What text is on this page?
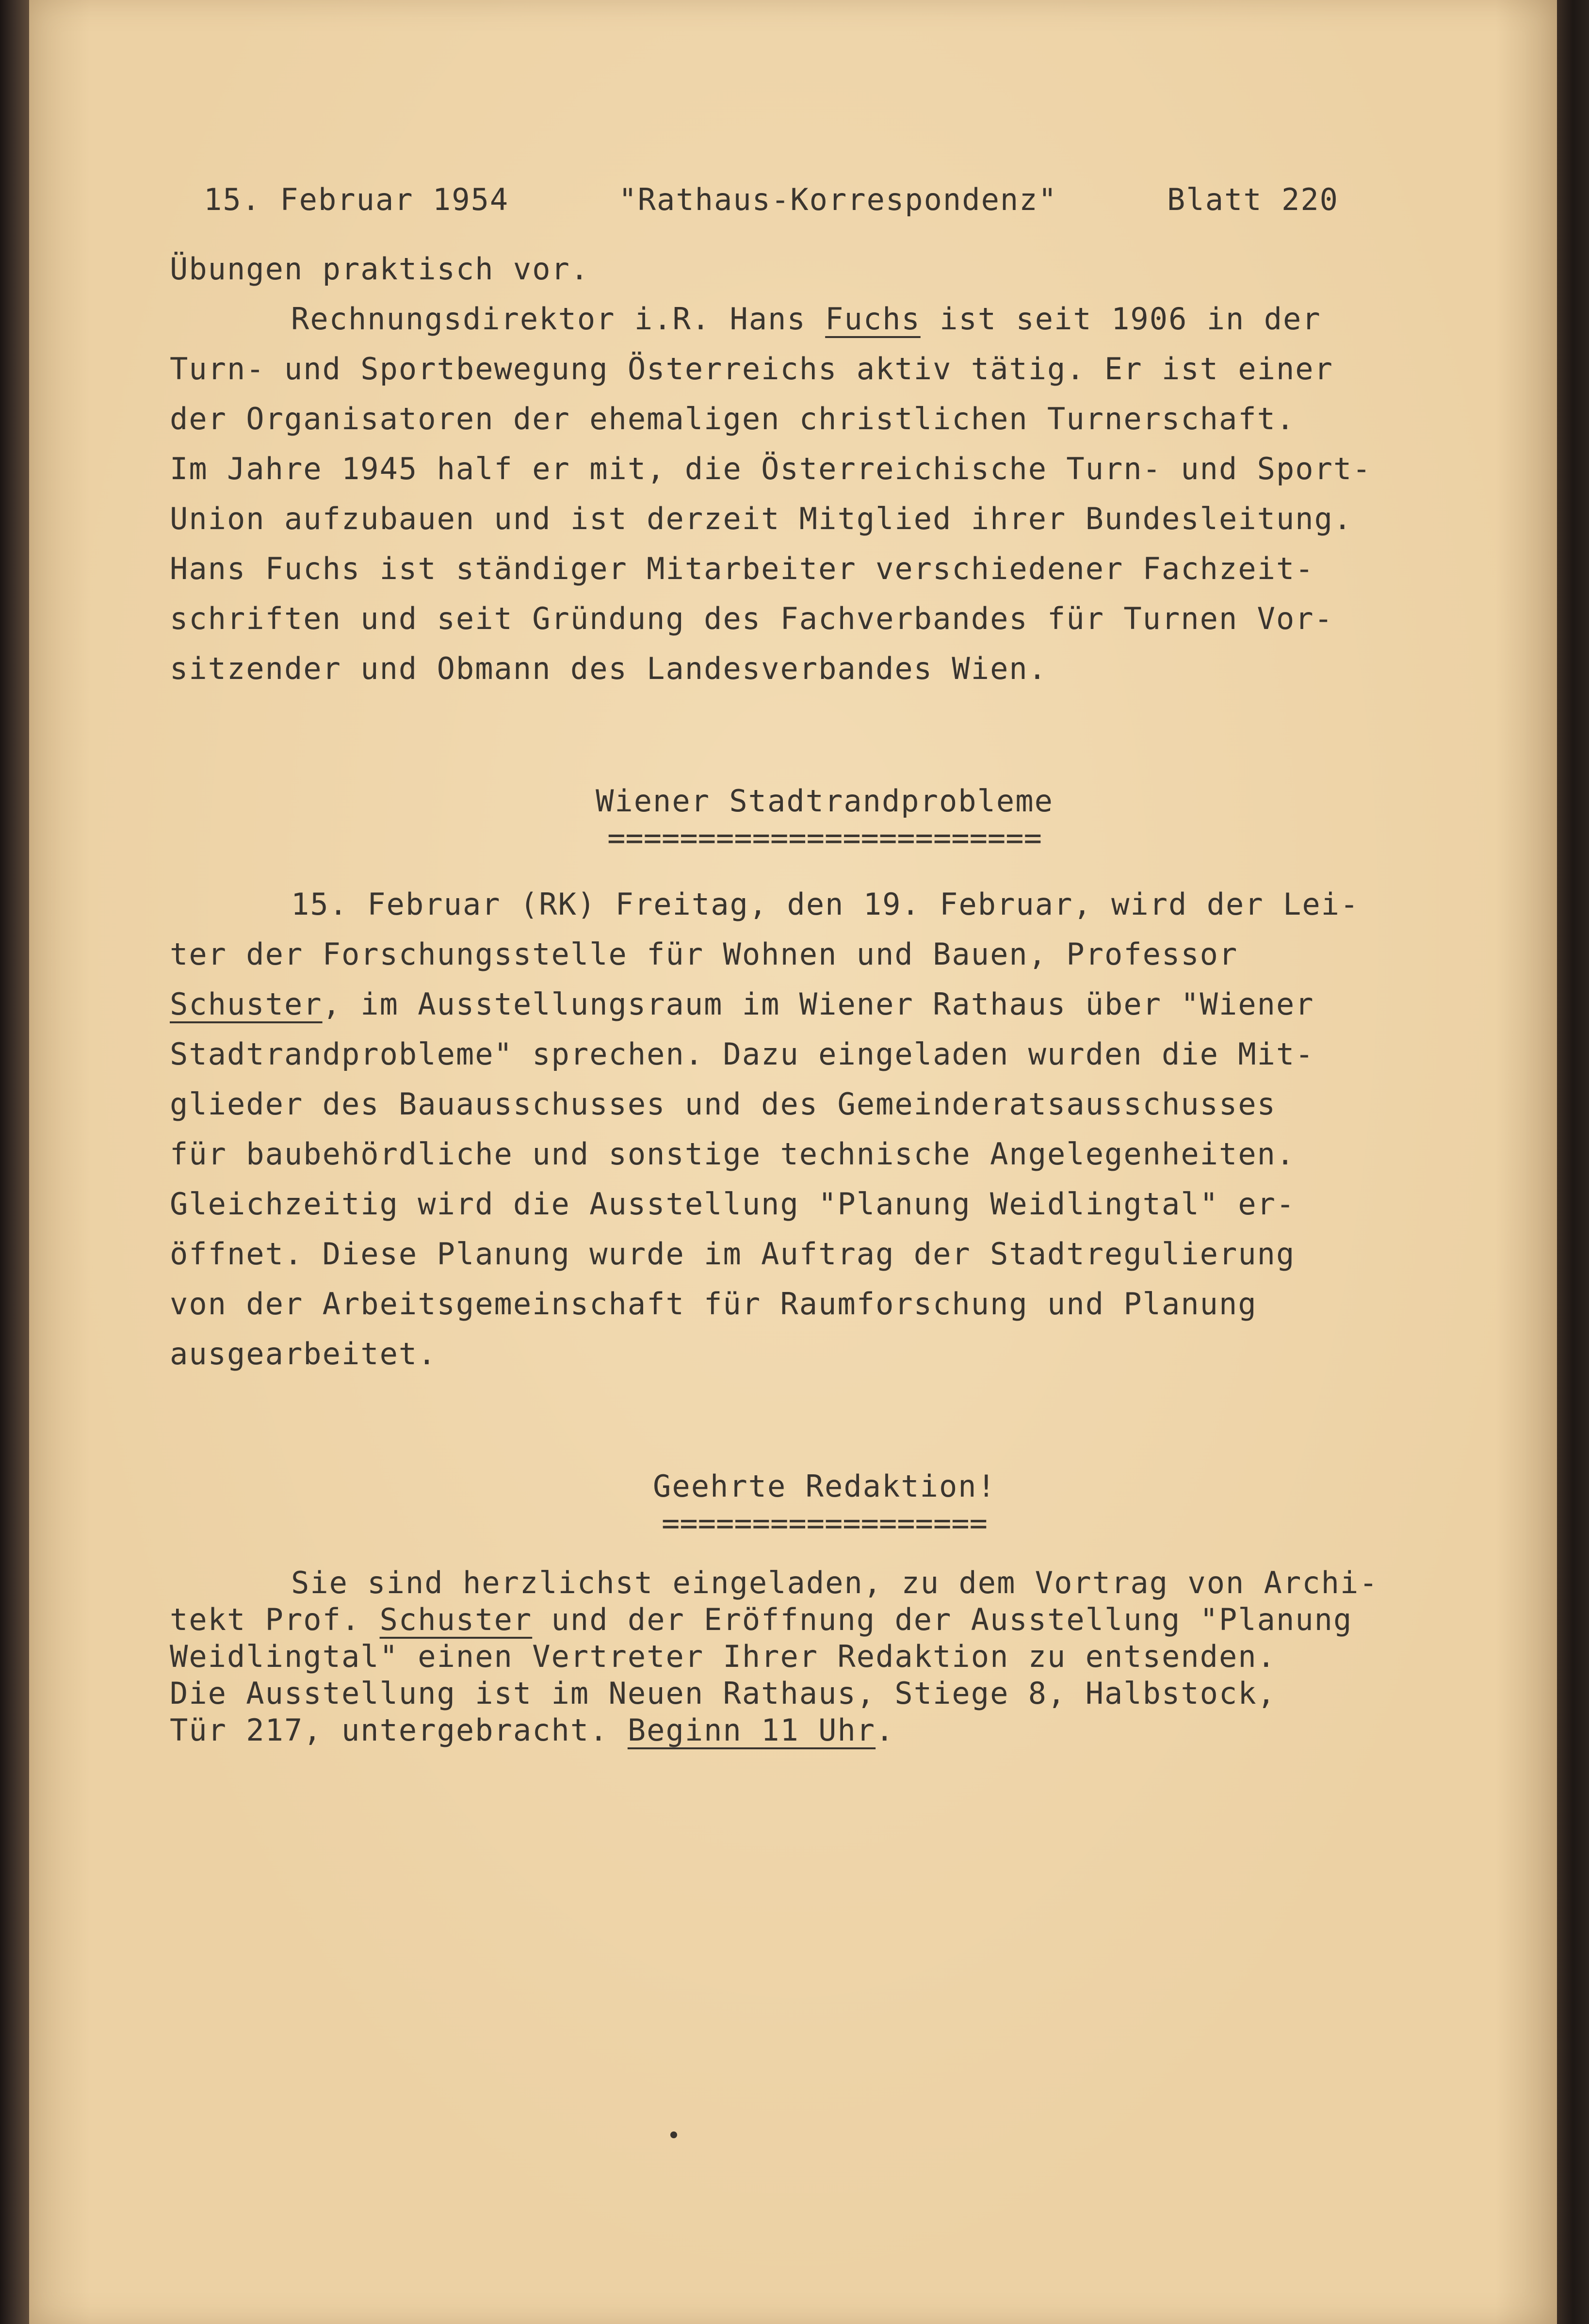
15. Februar 1954	"Rathaus-Korrespondenz"	Blatt 220
Übungen praktisch vor.
Rechnungsdirektor i.R. Hans Fuchs ist seit 1906 in der
Turn- und Sportbewegung Österreichs aktiv tätig. Er ist einer
der Organisatoren der ehemaligen christlichen Turnerschaft.
Im Jahre 1945 half er mit, die Österreichische Turn- und Sport-
Union aufzubauen und ist derzeit Mitglied ihrer Bundesleitung.
Hans Fuchs ist ständiger Mitarbeiter verschiedener Fachzeit-
schriften und seit Gründung des Fachverbandes für Turnen Vor-
sitzender und Obmann des Landesverbandes Wien.
Wiener Stadtrandprobleme
========================
15. Februar (RK) Freitag, den 19. Februar, wird der Lei-
ter der Forschungsstelle für Wohnen und Bauen, Professor
Schuster, im Ausstellungsraum im Wiener Rathaus über "Wiener
Stadtrandprobleme" sprechen. Dazu eingeladen wurden die Mit-
glieder des Bauausschusses und des Gemeinderatsausschusses
für baubehördliche und sonstige technische Angelegenheiten.
Gleichzeitig wird die Ausstellung "Planung Weidlingtal" er-
öffnet. Diese Planung wurde im Auftrag der Stadtregulierung
von der Arbeitsgemeinschaft für Raumforschung und Planung
ausgearbeitet.
Geehrte Redaktion!
==================
Sie sind herzlichst eingeladen, zu dem Vortrag von Archi-
tekt Prof. Schuster und der Eröffnung der Ausstellung "Planung
Weidlingtal" einen Vertreter Ihrer Redaktion zu entsenden.
Die Ausstellung ist im Neuen Rathaus, Stiege 8, Halbstock,
Tür 217, untergebracht. Beginn 11 Uhr.
